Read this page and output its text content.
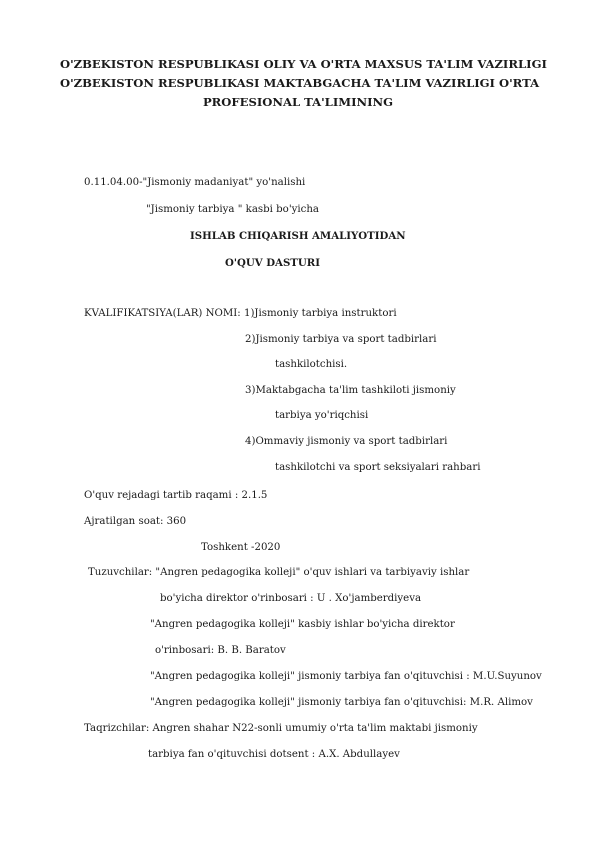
O'ZBEKISTON RESPUBLIKASI OLIY VA O'RTA MAXSUS TA'LIM VAZIRLIGI
O'ZBEKISTON RESPUBLIKASI MAKTABGACHA TA'LIM VAZIRLIGI O'RTA
PROFESIONAL TA'LIMINING
0.11.04.00-"Jismoniy madaniyat" yo'nalishi
"Jismoniy tarbiya " kasbi bo'yicha
ISHLAB CHIQARISH AMALIYOTIDAN
O'QUV DASTURI
KVALIFIKATSIYA(LAR) NOMI: 1)Jismoniy tarbiya instruktori
2)Jismoniy tarbiya va sport tadbirlari
tashkilotchisi.
3)Maktabgacha ta'lim tashkiloti jismoniy
tarbiya yo'riqchisi
4)Ommaviy jismoniy va sport tadbirlari
tashkilotchi va sport seksiyalari rahbari
O'quv rejadagi tartib raqami : 2.1.5
Ajratilgan soat: 360
Toshkent -2020
Tuzuvchilar: "Angren pedagogika kolleji" o'quv ishlari va tarbiyaviy ishlar
bo'yicha direktor o'rinbosari : U . Xo'jamberdiyeva
"Angren pedagogika kolleji" kasbiy ishlar bo'yicha direktor
o'rinbosari: B. B. Baratov
"Angren pedagogika kolleji" jismoniy tarbiya fan o'qituvchisi : M.U.Suyunov
"Angren pedagogika kolleji" jismoniy tarbiya fan o'qituvchisi: M.R. Alimov
Taqrizchilar: Angren shahar N22-sonli umumiy o'rta ta'lim maktabi jismoniy
tarbiya fan o'qituvchisi dotsent : A.X. Abdullayev
